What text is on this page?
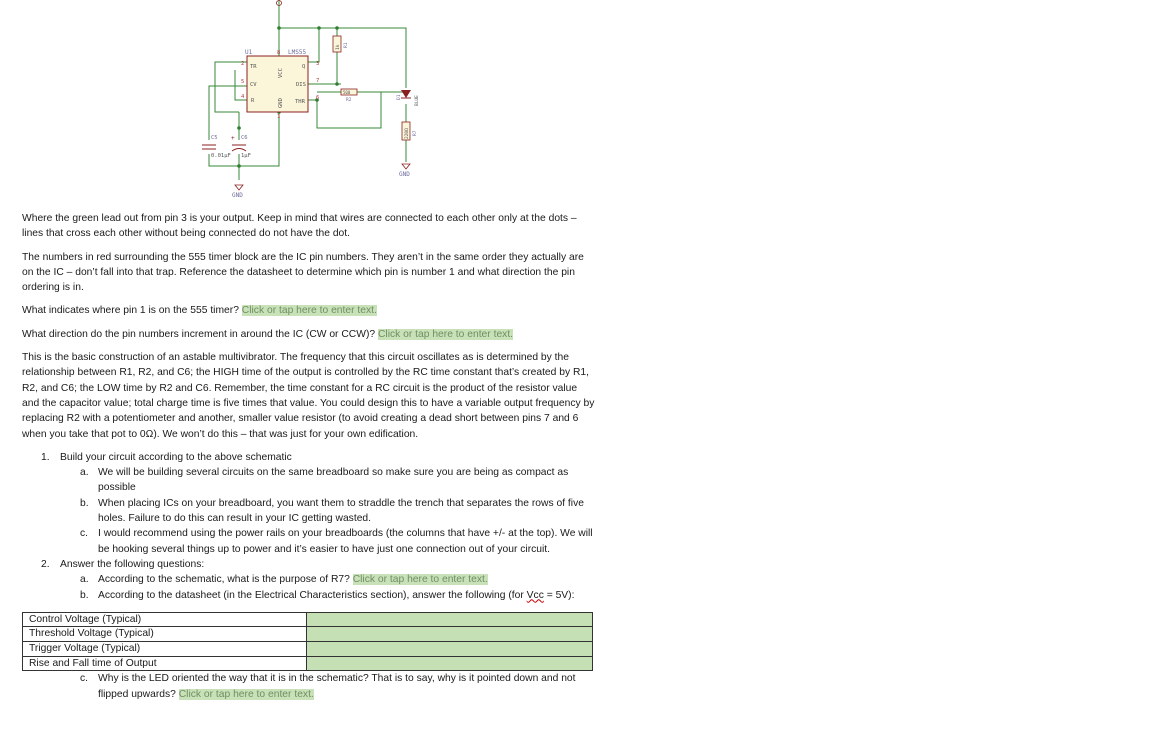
GND
GND
U1	LMS55
2 TR
5 CV
4
R
3
Q
7
DIS
6
THR
8
VCC
1
GND
1k R1
500
R2
D1	BLUE
220Ω R7
C5
0.01µF
+ C6
1µF

Where the green lead out from pin 3 is your output. Keep in mind that wires are connected to each other only at the dots – lines that cross each other without being connected do not have the dot.

The numbers in red surrounding the 555 timer block are the IC pin numbers. They aren’t in the same order they actually are on the IC – don’t fall into that trap. Reference the datasheet to determine which pin is number 1 and what direction the pin ordering is in.

What indicates where pin 1 is on the 555 timer? Click or tap here to enter text.

What direction do the pin numbers increment in around the IC (CW or CCW)? Click or tap here to enter text.

This is the basic construction of an astable multivibrator. The frequency that this circuit oscillates as is determined by the relationship between R1, R2, and C6; the HIGH time of the output is controlled by the RC time constant that’s created by R1, R2, and C6; the LOW time by R2 and C6. Remember, the time constant for a RC circuit is the product of the resistor value and the capacitor value; total charge time is five times that value. You could design this to have a variable output frequency by replacing R2 with a potentiometer and another, smaller value resistor (to avoid creating a dead short between pins 7 and 6 when you take that pot to 0Ω). We won’t do this – that was just for your own edification.

1. Build your circuit according to the above schematic
a. We will be building several circuits on the same breadboard so make sure you are being as compact as possible
b. When placing ICs on your breadboard, you want them to straddle the trench that separates the rows of five holes. Failure to do this can result in your IC getting wasted.
c. I would recommend using the power rails on your breadboards (the columns that have +/- at the top). We will be hooking several things up to power and it’s easier to have just one connection out of your circuit.
2. Answer the following questions:
a. According to the schematic, what is the purpose of R7? Click or tap here to enter text.
b. According to the datasheet (in the Electrical Characteristics section), answer the following (for Vcc = 5V):
Control Voltage (Typical)	
Threshold Voltage (Typical)	
Trigger Voltage (Typical)	
Rise and Fall time of Output	
c. Why is the LED oriented the way that it is in the schematic? That is to say, why is it pointed down and not flipped upwards? Click or tap here to enter text.
